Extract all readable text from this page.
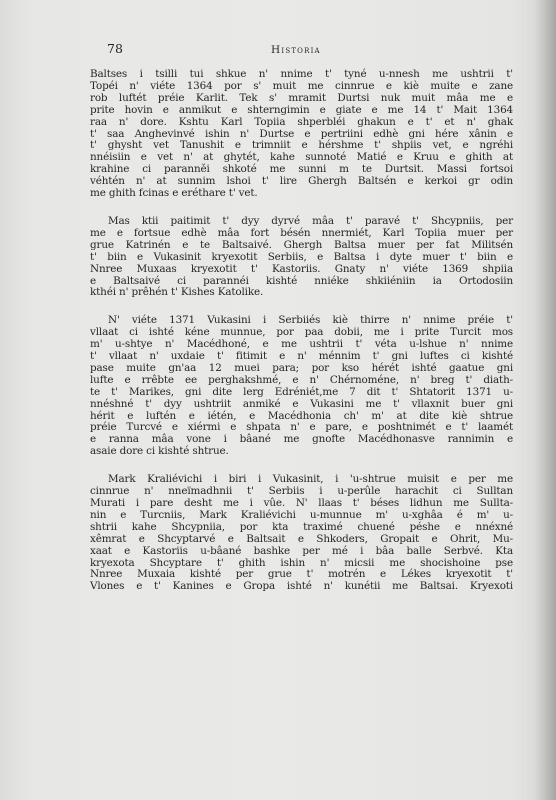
78	Historia

Baltses i tsilli tui shkue n' nnime t' tyné u-nnesh me ushtrii t'
Topéi n' viéte 1364 por s' muit me cinnrue e kiè muite e zane
rob luftét préie Karlit. Tek s' mramit Durtsi nuk muit mâa me e
prite hovin e anmikut e shterngimin e giate e me 14 t' Mait 1364
raa n' dore. Kshtu Karl Topiia shperbléi ghakun e t' et n' ghak
t' saa Anghevinvé ishin n' Durtse e pertriini edhè gni hére xânin e
t' ghysht vet Tanushit e trimniit e hérshme t' shpiis vet, e ngréhi
nnéisiin e vet n' at ghytét, kahe sunnoté Matié e Kruu e ghith at
krahine ci paranněi shkoté me sunni m te Durtsit. Massi fortsoi
véhtén n' at sunnim lshoi t' lire Ghergh Baltsén e kerkoi gr odin
me ghith fcinas e eréthare t' vet.

Mas ktii paitimit t' dyy dyrvé mâa t' paravé t' Shcypniis, per
me e fortsue edhè mâa fort bésén nnermiét, Karl Topiia muer per
grue Katrinén e te Baltsaivé. Ghergh Baltsa muer per fat Militsén
t' biin e Vukasinit kryexotit Serbiis, e Baltsa i dyte muer t' biin e
Nnree Muxaas kryexotit t' Kastoriis. Gnaty n' viéte 1369 shpiia
e Baltsaivé ci parannéi kishté nniéke shkiiéniin ia Ortodosiin
kthéi n' prêhén t' Kishes Katolike.

N' viéte 1371 Vukasini i Serbiiés kiè thirre n' nnime préie t'
vllaat ci ishté kéne munnue, por paa dobii, me i prite Turcit mos
m' u-shtye n' Macédhoné, e me ushtrii t' véta u-lshue n' nnime
t' vllaat n' uxdaie t' fitimit e n' ménnim t' gni luftes ci kishté
pase muite gn'aa 12 muei para; por kso hérét ishté gaatue gni
lufte e rrêbte ee perghakshmé, e n' Chérnoméne, n' breg t' diath-
te t' Marikes, gni dite lerg Edréniét,me 7 dit t' Shtatorit 1371 u-
nnéshné t' dyy ushtriit anmiké e Vukasini me t' vllaxnit buer gni
hérit e luftén e iétén, e Macédhonia ch' m' at dite kiè shtrue
préie Turcvé e xiérmi e shpata n' e pare, e poshtnimét e t' laamét
e ranna mâa vone i bâané me gnofte Macédhonasve rannimin e
asaie dore ci kishté shtrue.

Mark Kraliévichi i biri i Vukasinit, i 'u-shtrue muisit e per me
cinnrue n' nneïmadhnii t' Serbiis i u-perûle harachit ci Sulltan
Murati i pare desht me i vûe. N' llaas t' béses lidhun me Sullta-
nin e Turcniis, Mark Kraliévichi u-munnue m' u-xghâa é m' u-
shtrii kahe Shcypniia, por kta traximé chuené péshe e nnéxné
xêmrat e Shcyptarvé e Baltsait e Shkoders, Gropait e Ohrit, Mu-
xaat e Kastoriis u-bâané bashke per mé i bâa balle Serbvé. Kta
kryexota Shcyptare t' ghith ishin n' micsii me shocishoine pse
Nnree Muxaia kishté per grue t' motrén e Lékes kryexotit t'
Vlones e t' Kanines e Gropa ishté n' kunétii me Baltsai. Kryexoti
